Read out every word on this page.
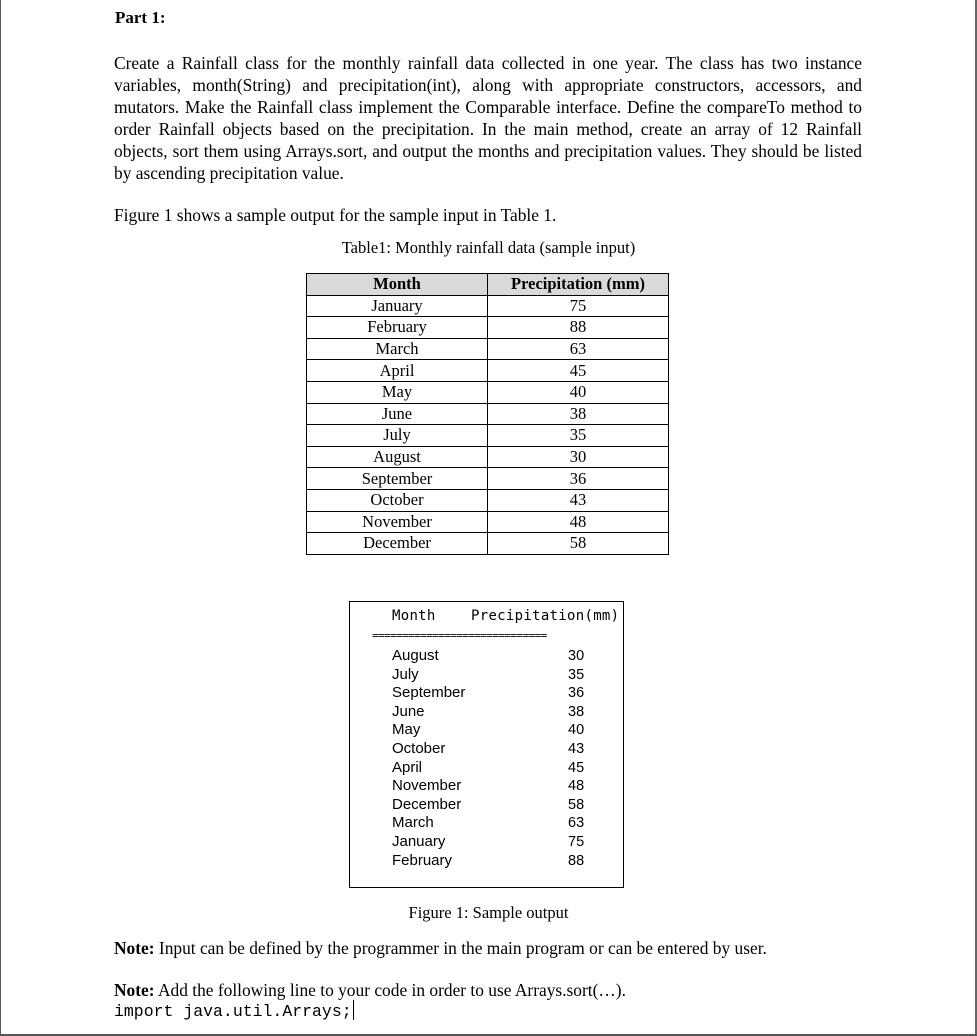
Part 1:
Create a Rainfall class for the monthly rainfall data collected in one year. The class has two instance variables, month(String) and precipitation(int), along with appropriate constructors, accessors, and mutators. Make the Rainfall class implement the Comparable interface. Define the compareTo method to order Rainfall objects based on the precipitation. In the main method, create an array of 12 Rainfall objects, sort them using Arrays.sort, and output the months and precipitation values. They should be listed by ascending precipitation value.
Figure 1 shows a sample output for the sample input in Table 1.
Table1: Monthly rainfall data (sample input)
Month	Precipitation (mm)
January	75
February	88
March	63
April	45
May	40
June	38
July	35
August	30
September	36
October	43
November	48
December	58
Month	Precipitation(mm)
=============================
August	30
July	35
September	36
June	38
May	40
October	43
April	45
November	48
December	58
March	63
January	75
February	88
Figure 1: Sample output
Note: Input can be defined by the programmer in the main program or can be entered by user.
Note: Add the following line to your code in order to use Arrays.sort(…).
import java.util.Arrays;
